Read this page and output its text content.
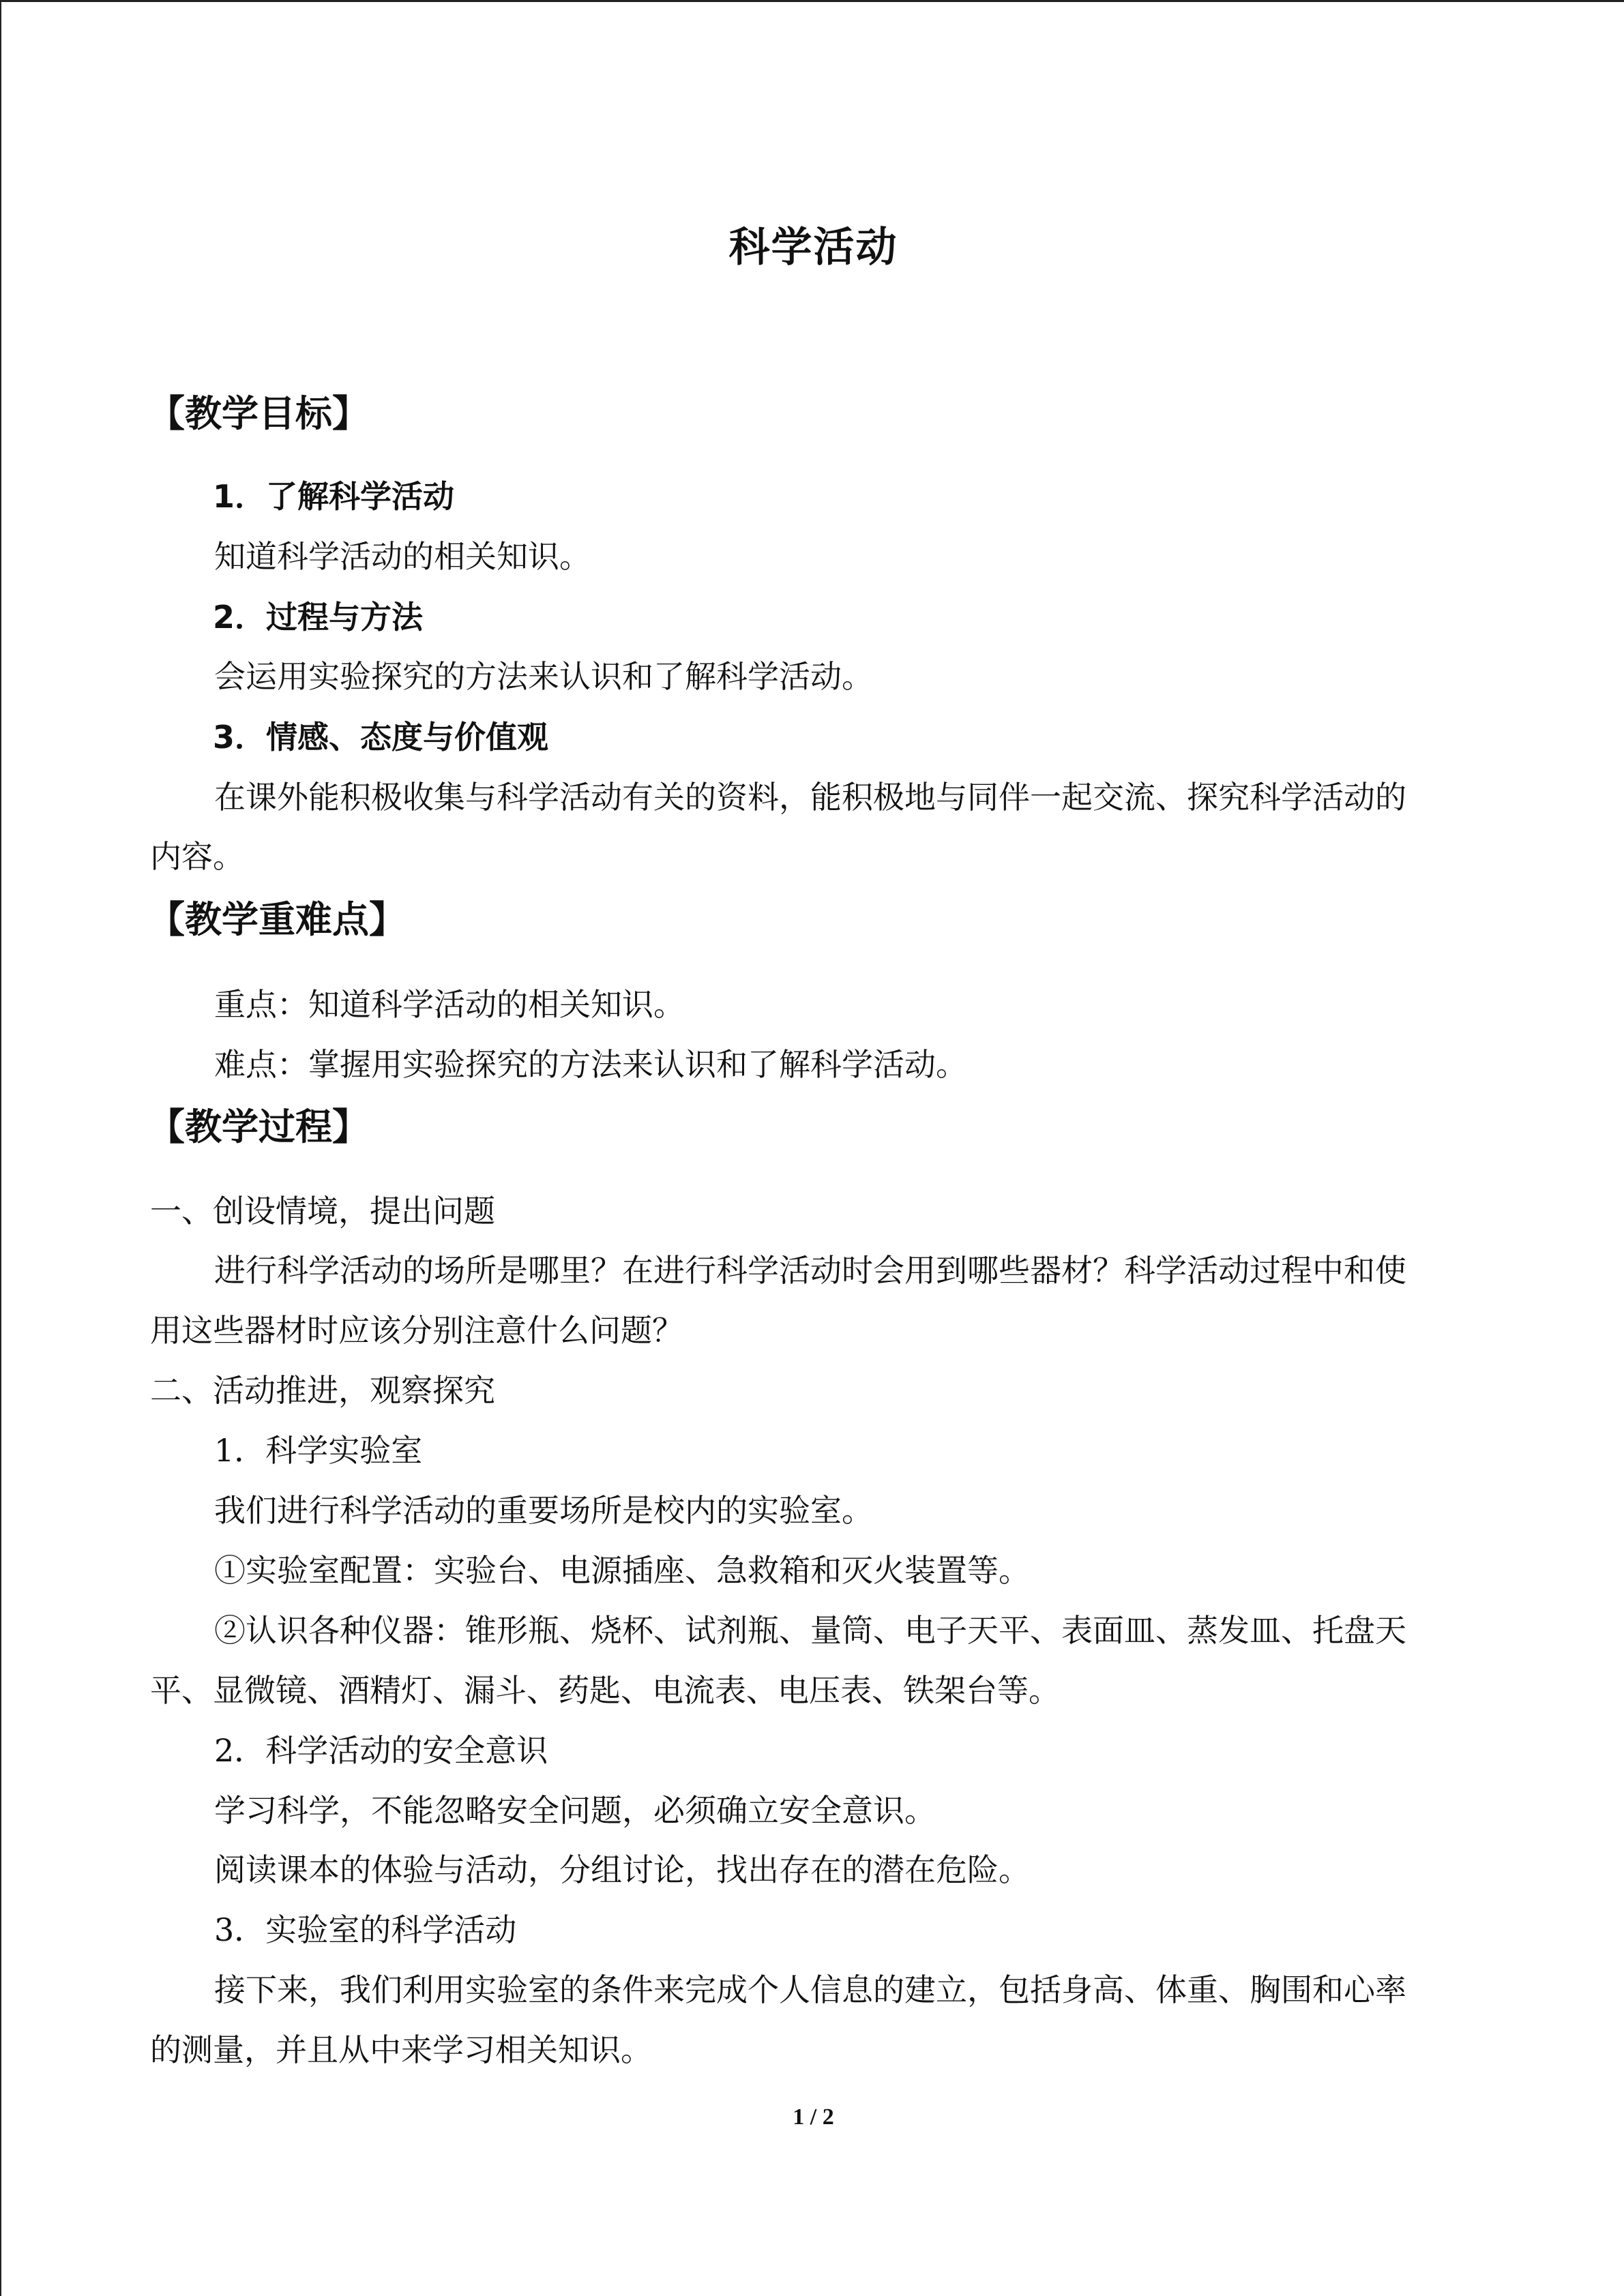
科学活动
【教学目标】
1．了解科学活动
知道科学活动的相关知识。
2．过程与方法
会运用实验探究的方法来认识和了解科学活动。
3．情感、态度与价值观
在课外能积极收集与科学活动有关的资料，能积极地与同伴一起交流、探究科学活动的
内容。
【教学重难点】
重点：知道科学活动的相关知识。
难点：掌握用实验探究的方法来认识和了解科学活动。
【教学过程】
一、创设情境，提出问题
进行科学活动的场所是哪里？在进行科学活动时会用到哪些器材？科学活动过程中和使
用这些器材时应该分别注意什么问题？
二、活动推进，观察探究
1．科学实验室
我们进行科学活动的重要场所是校内的实验室。
①实验室配置：实验台、电源插座、急救箱和灭火装置等。
②认识各种仪器：锥形瓶、烧杯、试剂瓶、量筒、电子天平、表面皿、蒸发皿、托盘天
平、显微镜、酒精灯、漏斗、药匙、电流表、电压表、铁架台等。
2．科学活动的安全意识
学习科学，不能忽略安全问题，必须确立安全意识。
阅读课本的体验与活动，分组讨论，找出存在的潜在危险。
3．实验室的科学活动
接下来，我们利用实验室的条件来完成个人信息的建立，包括身高、体重、胸围和心率
的测量，并且从中来学习相关知识。
1 / 2
